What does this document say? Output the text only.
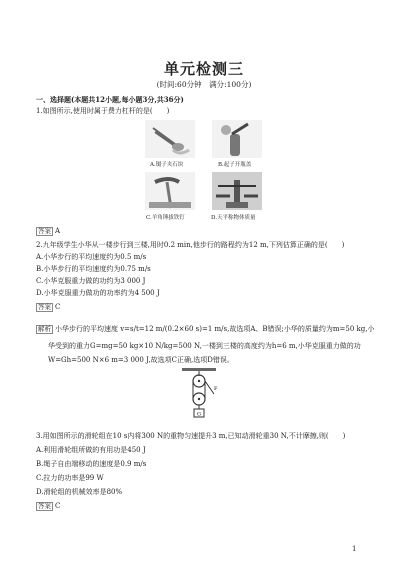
单元检测三
(时间:60分钟　满分:100分)
一、选择题(本题共12小题,每小题3分,共36分)
1.如图所示,使用时属于费力杠杆的是(　　)
A.镊子夹石块	B.起子开瓶盖
C.羊角锤拔铁钉	D.天平称物体质量
答案 A
2.九年级学生小华从一楼步行到三楼,用时0.2 min,他步行的路程约为12 m,下列估算正确的是(　　)
A.小华步行的平均速度约为0.5 m/s
B.小华步行的平均速度约为0.75 m/s
C.小华克服重力做的功约为3 000 J
D.小华克服重力做功的功率约为4 500 J
答案 C
解析 小华步行的平均速度 v=s/t=12 m/(0.2×60 s)=1 m/s,故选项A、B错误;小华的质量约为m=50 kg,小
华受到的重力G=mg=50 kg×10 N/kg=500 N,一楼到三楼的高度约为h=6 m,小华克服重力做的功
W=Gh=500 N×6 m=3 000 J,故选项C正确,选项D错误。
F
G
3.用如图所示的滑轮组在10 s内将300 N的重物匀速提升3 m,已知动滑轮重30 N,不计摩擦,则(　　)
A.利用滑轮组所做的有用功是450 J
B.绳子自由端移动的速度是0.9 m/s
C.拉力的功率是99 W
D.滑轮组的机械效率是80%
答案 C
1
